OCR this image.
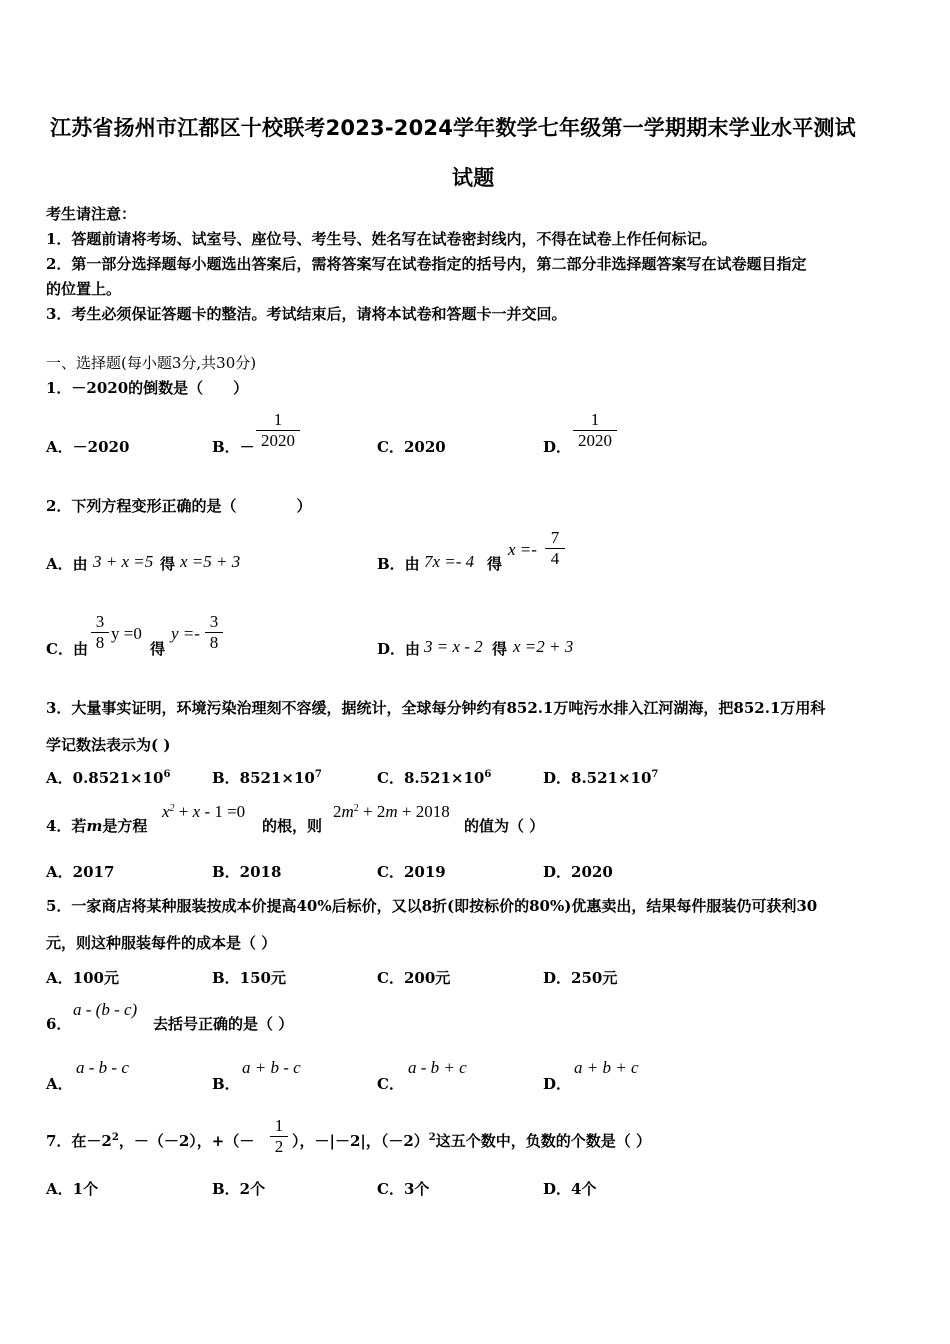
江苏省扬州市江都区十校联考2023-2024学年数学七年级第一学期期末学业水平测试
试题
考生请注意：
1．答题前请将考场、试室号、座位号、考生号、姓名写在试卷密封线内，不得在试卷上作任何标记。
2．第一部分选择题每小题选出答案后，需将答案写在试卷指定的括号内，第二部分非选择题答案写在试卷题目指定
的位置上。
3．考生必须保证答题卡的整洁。考试结束后，请将本试卷和答题卡一并交回。
一、选择题(每小题3分,共30分)
1．－2020的倒数是（　　）
A．－2020	B．－
1
2020	C．2020	D．
1
2020
2．下列方程变形正确的是（　　　　）
A．由 3 + x =5 得 x =5 + 3	B．由 7x =- 4 得
x =-
7
4
C．由
3
8 y =0
得
y =-
3
8	D．由 3 = x - 2 得 x =2 + 3
3．大量事实证明，环境污染治理刻不容缓，据统计，全球每分钟约有852.1万吨污水排入江河湖海，把852.1万用科
学记数法表示为( )
A．$0.8521\times 10^6$	B．$8521\times 10^7$	C．$8.521\times 10^6$	D．$8.521\times 10^7$
4．若m是方程
$x^2 + x - 1 =0$
的根，则
$2m^2 + 2m + 2018$
的值为（ ）
A．2017	B．2018	C．2019	D．2020
5．一家商店将某种服装按成本价提高40%后标价，又以8折(即按标价的80%)优惠卖出，结果每件服装仍可获利30
元，则这种服装每件的成本是（ ）
A．100元	B．150元	C．200元	D．250元
6．
a - (b - c)
去括号正确的是（ ）
A．
a - b - c
B．
a + b - c
C．
a - b + c
D．
a + b + c
7．在$-2^2$，－（－2），+（－
1
2 ），－|－2|，$(-2)^2$这五个数中，负数的个数是（ ）
A．1个	B．2个	C．3个	D．4个
